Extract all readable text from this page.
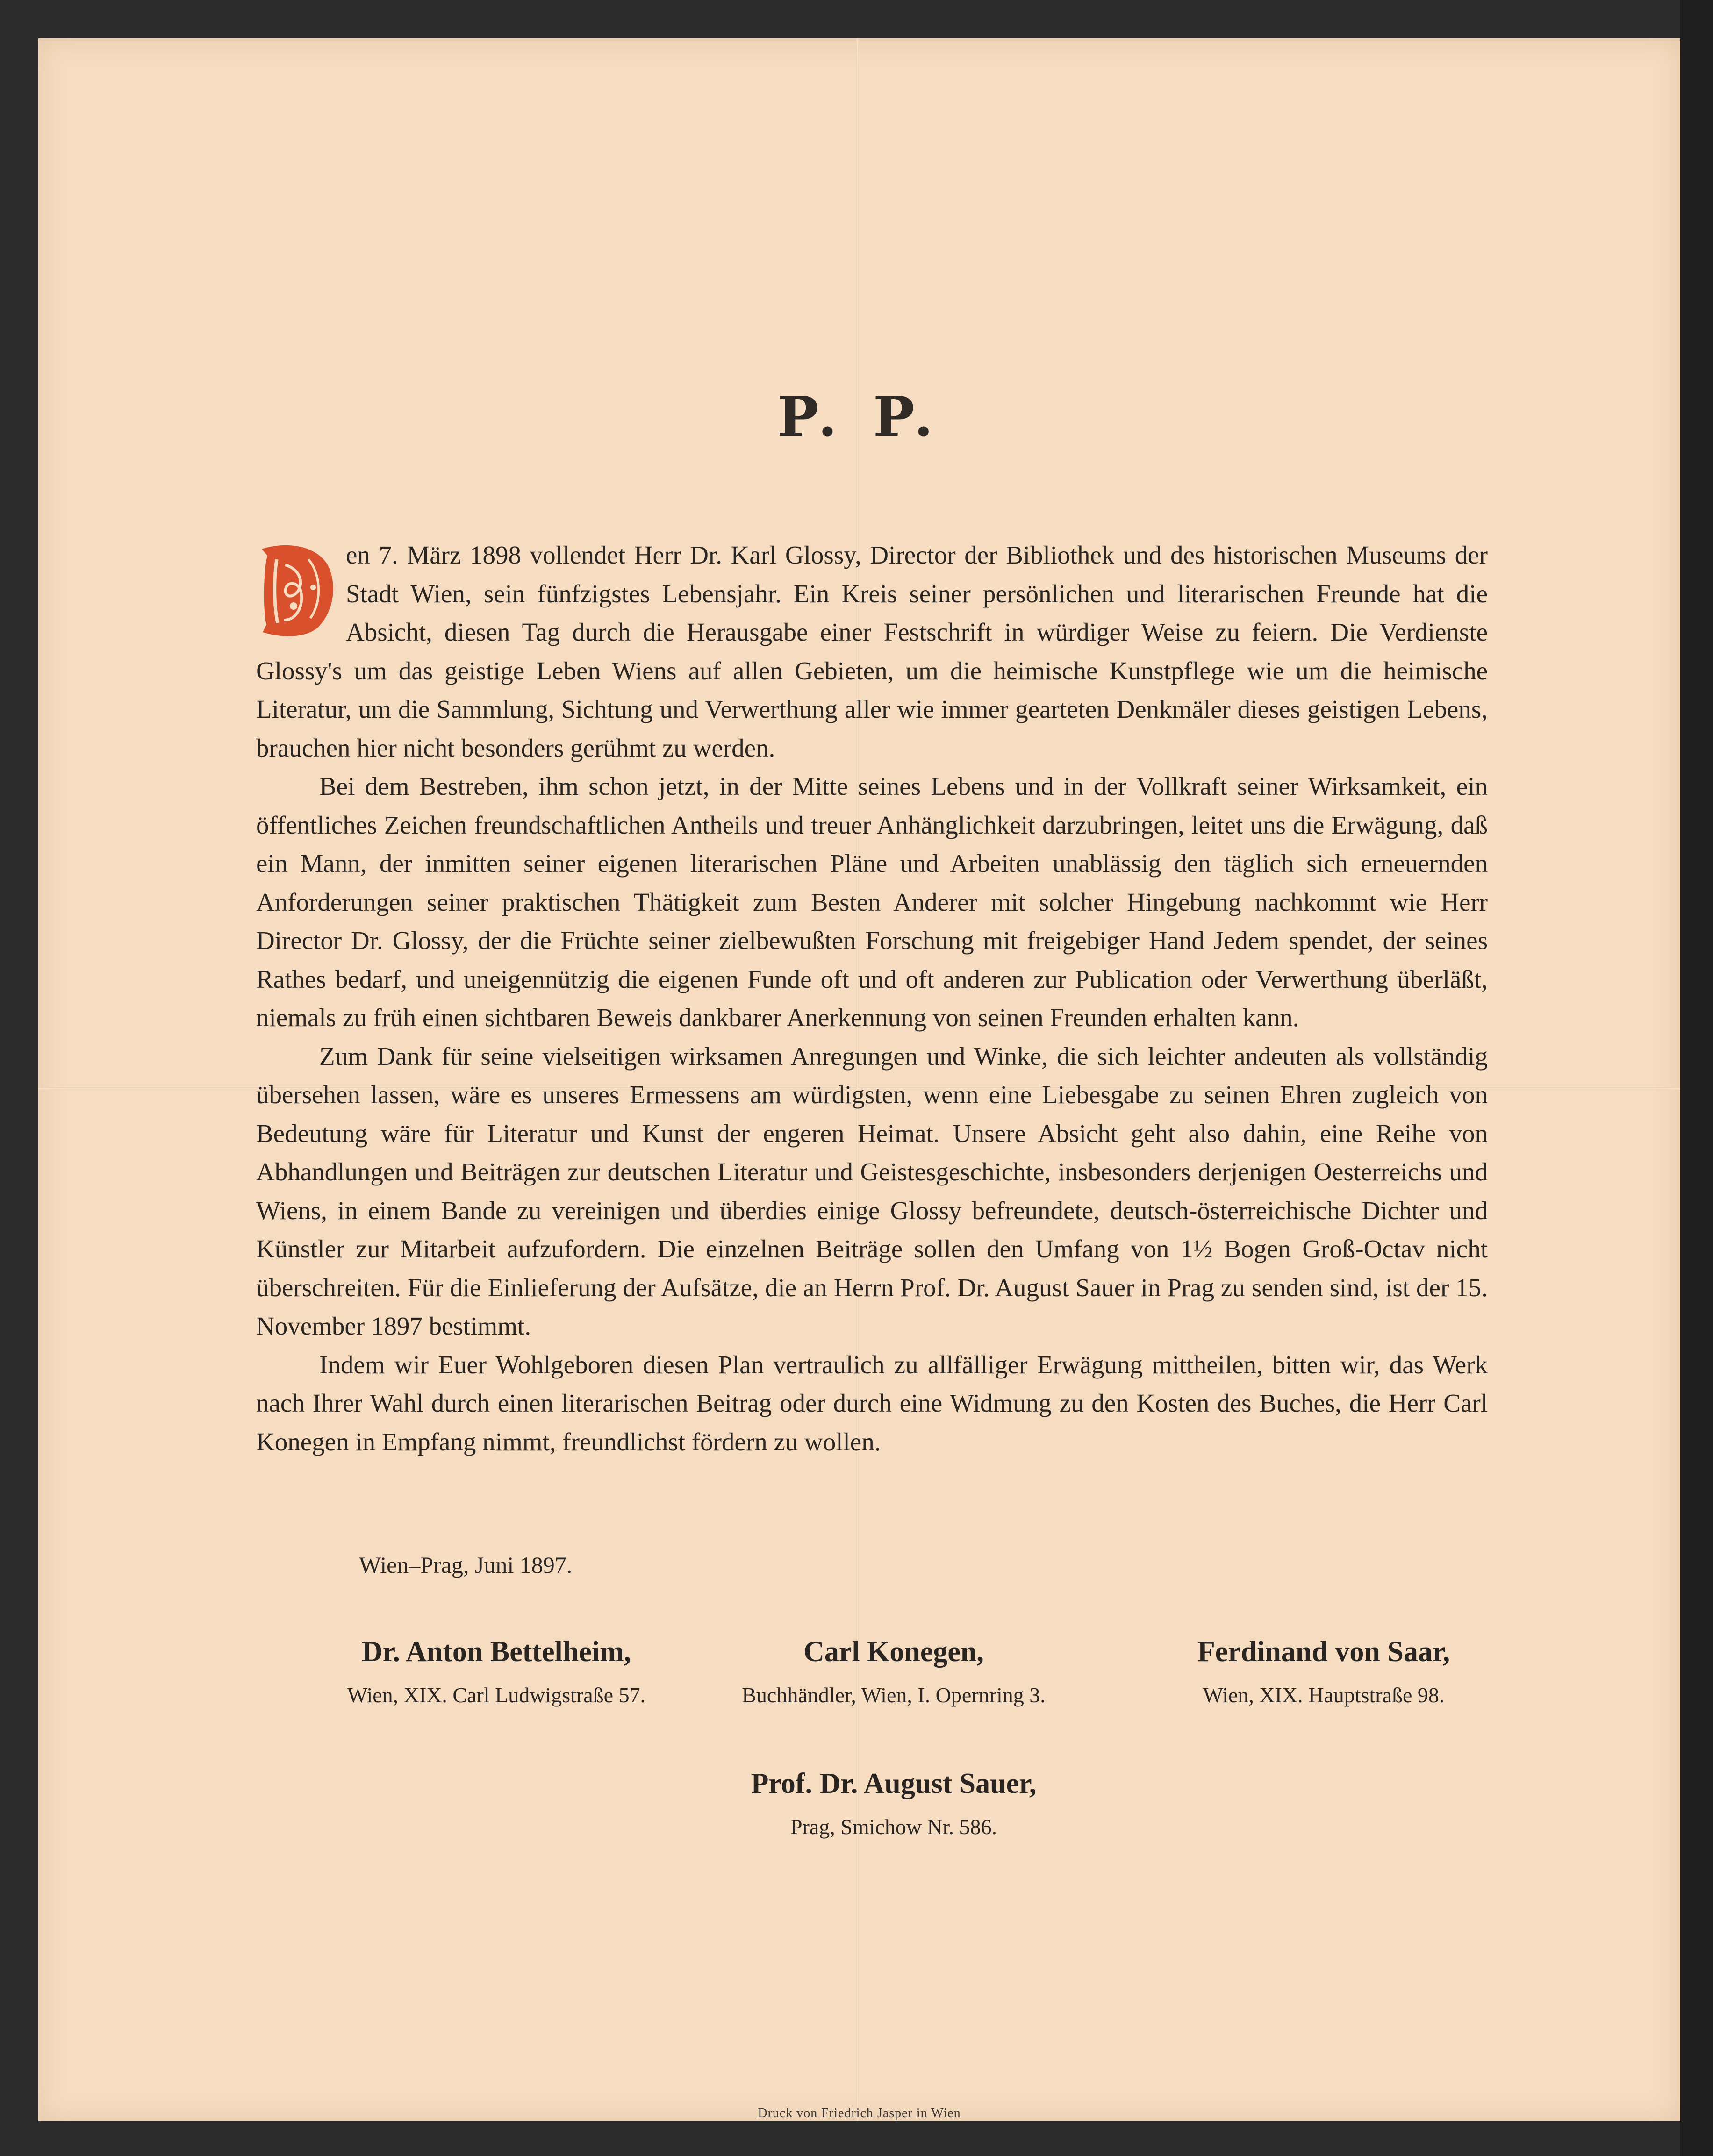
P. P.

en 7. März 1898 vollendet Herr Dr. Karl Glossy, Director der Bibliothek und des historischen Museums der Stadt Wien, sein fünfzigstes Lebensjahr. Ein Kreis seiner persönlichen und literarischen Freunde hat die Absicht, diesen Tag durch die Herausgabe einer Festschrift in würdiger Weise zu feiern. Die Verdienste Glossy's um das geistige Leben Wiens auf allen Gebieten, um die heimische Kunstpflege wie um die heimische Literatur, um die Sammlung, Sichtung und Verwerthung aller wie immer gearteten Denkmäler dieses geistigen Lebens, brauchen hier nicht besonders gerühmt zu werden.

Bei dem Bestreben, ihm schon jetzt, in der Mitte seines Lebens und in der Vollkraft seiner Wirksamkeit, ein öffentliches Zeichen freundschaftlichen Antheils und treuer Anhänglichkeit darzubringen, leitet uns die Erwägung, daß ein Mann, der inmitten seiner eigenen literarischen Pläne und Arbeiten unablässig den täglich sich erneuernden Anforderungen seiner praktischen Thätigkeit zum Besten Anderer mit solcher Hingebung nachkommt wie Herr Director Dr. Glossy, der die Früchte seiner zielbewußten Forschung mit freigebiger Hand Jedem spendet, der seines Rathes bedarf, und uneigennützig die eigenen Funde oft und oft anderen zur Publication oder Verwerthung überläßt, niemals zu früh einen sichtbaren Beweis dankbarer Anerkennung von seinen Freunden erhalten kann.

Zum Dank für seine vielseitigen wirksamen Anregungen und Winke, die sich leichter andeuten als vollständig übersehen lassen, wäre es unseres Ermessens am würdigsten, wenn eine Liebesgabe zu seinen Ehren zugleich von Bedeutung wäre für Literatur und Kunst der engeren Heimat. Unsere Absicht geht also dahin, eine Reihe von Abhandlungen und Beiträgen zur deutschen Literatur und Geistesgeschichte, insbesonders derjenigen Oesterreichs und Wiens, in einem Bande zu vereinigen und überdies einige Glossy befreundete, deutsch-österreichische Dichter und Künstler zur Mitarbeit aufzufordern. Die einzelnen Beiträge sollen den Umfang von 1½ Bogen Groß-Octav nicht überschreiten. Für die Einlieferung der Aufsätze, die an Herrn Prof. Dr. August Sauer in Prag zu senden sind, ist der 15. November 1897 bestimmt.

Indem wir Euer Wohlgeboren diesen Plan vertraulich zu allfälliger Erwägung mittheilen, bitten wir, das Werk nach Ihrer Wahl durch einen literarischen Beitrag oder durch eine Widmung zu den Kosten des Buches, die Herr Carl Konegen in Empfang nimmt, freundlichst fördern zu wollen.

Wien–Prag, Juni 1897.
Dr. Anton Bettelheim,
Wien, XIX. Carl Ludwigstraße 57.
Carl Konegen,
Buchhändler, Wien, I. Opernring 3.
Ferdinand von Saar,
Wien, XIX. Hauptstraße 98.
Prof. Dr. August Sauer,
Prag, Smichow Nr. 586.
Druck von Friedrich Jasper in Wien
